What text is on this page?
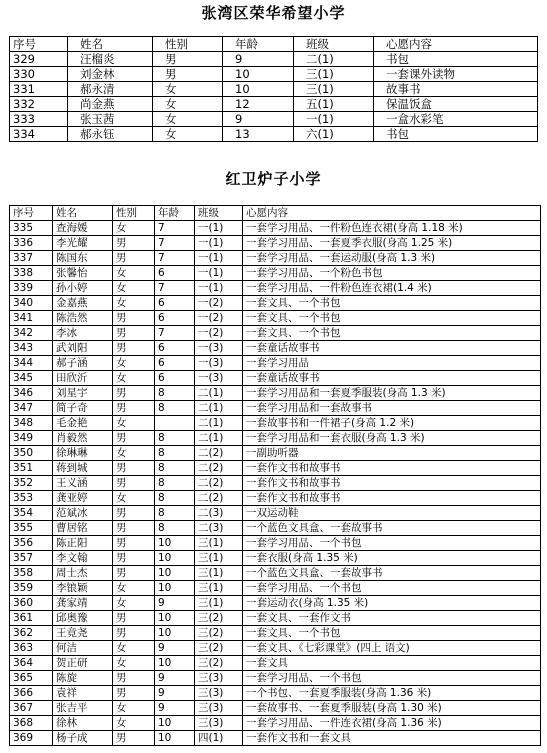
张湾区荣华希望小学
序号	姓名	性别	年龄	班级	心愿内容
329	汪榴炎	男	9	二(1)	书包
330	刘金林	男	10	三(1)	一套课外读物
331	郝永清	女	10	三(1)	故事书
332	尚金燕	女	12	五(1)	保温饭盒
333	张玉茜	女	9	一(1)	一盒水彩笔
334	郝永钰	女	13	六(1)	书包
红卫炉子小学
序号	姓名	性别	年龄	班级	心愿内容
335	查海媛	女	7	一(1)	一套学习用品、一件粉色连衣裙(身高 1.18 米)
336	李光耀	男	7	一(1)	一套学习用品、一套夏季衣服(身高 1.25 米)
337	陈国东	男	7	一(1)	一套学习用品、一套运动服(身高 1.3 米)
338	张馨怡	女	6	一(1)	一套学习用品、一个粉色书包
339	孙小婷	女	7	一(1)	一套学习用品、一件粉色连衣裙(1.4 米)
340	金嘉燕	女	6	一(2)	一套文具、一个书包
341	陈浩然	男	6	一(2)	一套文具、一个书包
342	李冰	男	7	一(2)	一套文具、一个书包
343	武刘阳	男	6	一(3)	一套童话故事书
344	郝子涵	女	6	一(3)	一套学习用品
345	田欣沂	女	6	一(3)	一套童话故事书
346	刘星宇	男	8	二(1)	一套学习用品和一套夏季服装(身高 1.3 米)
347	简子奇	男	8	二(1)	一套学习用品和一套故事书
348	毛金艳	女		二(1)	一套故事书和一件裙子(身高 1.2 米)
349	肖毅然	男	8	二(1)	一套学习用品和一套衣服(身高 1.3 米)
350	徐琳琳	女	8	二(2)	一副助听器
351	蒋到城	男	8	二(2)	一套作文书和故事书
352	王义涵	男	8	二(2)	一套作文书和故事书
353	龚亚婷	女	8	二(2)	一套作文书和故事书
354	范斌冰	男	8	二(3)	一双运动鞋
355	曹居铭	男	8	二(3)	一个蓝色文具盒、一套故事书
356	陈正阳	男	10	三(1)	一套学习用品、一个书包
357	李文翰	男	10	三(1)	一套衣服(身高 1.35 米)
358	周士杰	男	10	三(1)	一个蓝色文具盒、一套故事书
359	李锒颖	女	10	三(1)	一套学习用品、一个书包
360	龚家靖	女	9	三(1)	一套运动衣(身高 1.35 米)
361	邱奥豫	男	10	三(2)	一套文具、一套作文书
362	王竟尧	男	10	三(2)	一套文具、一个书包
363	何洁	女	9	三(2)	一套文具、《七彩课堂》(四上 语文)
364	贺正研	女	10	三(2)	一套文具
365	陈旋	男	9	三(3)	一套学习用品、一个书包
366	袁祥	男	9	三(3)	一个书包、一套夏季服装(身高 1.36 米)
367	张吉平	女	9	三(3)	一套故事书、一套夏季服装(身高 1.30 米)
368	徐林	女	10	三(3)	一套学习用品、一件连衣裙(身高 1.36 米)
369	杨子成	男	10	四(1)	一套作文书和一套文具
